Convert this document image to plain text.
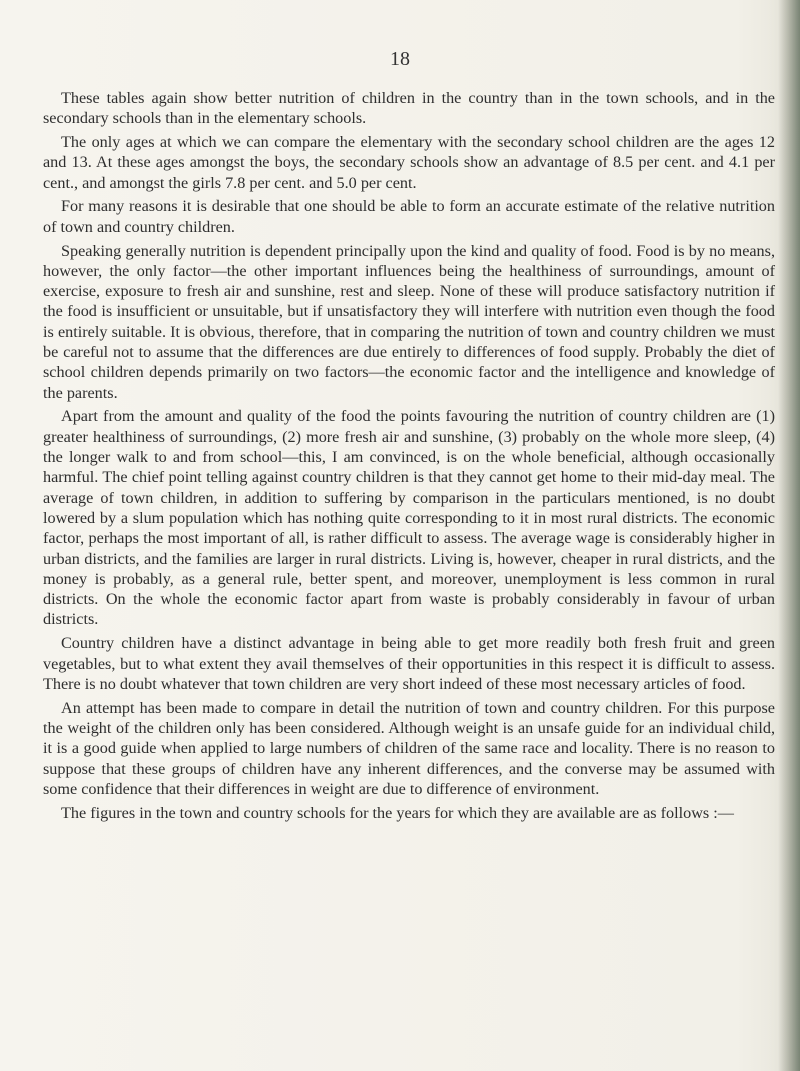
18

These tables again show better nutrition of children in the country than in the town schools, and in the secondary schools than in the elementary schools.

The only ages at which we can compare the elementary with the secondary school children are the ages 12 and 13. At these ages amongst the boys, the secondary schools show an advantage of 8.5 per cent. and 4.1 per cent., and amongst the girls 7.8 per cent. and 5.0 per cent.

For many reasons it is desirable that one should be able to form an accurate estimate of the relative nutrition of town and country children.

Speaking generally nutrition is dependent principally upon the kind and quality of food. Food is by no means, however, the only factor—the other important influences being the healthiness of surroundings, amount of exercise, exposure to fresh air and sunshine, rest and sleep. None of these will produce satisfactory nutrition if the food is insufficient or unsuitable, but if unsatisfactory they will interfere with nutrition even though the food is entirely suitable. It is obvious, therefore, that in comparing the nutrition of town and country children we must be careful not to assume that the differences are due entirely to differences of food supply. Probably the diet of school children depends primarily on two factors—the economic factor and the intelligence and knowledge of the parents.

Apart from the amount and quality of the food the points favouring the nutrition of country children are (1) greater healthiness of surroundings, (2) more fresh air and sunshine, (3) probably on the whole more sleep, (4) the longer walk to and from school—this, I am convinced, is on the whole beneficial, although occasionally harmful. The chief point telling against country children is that they cannot get home to their mid-day meal. The average of town children, in addition to suffering by comparison in the particulars mentioned, is no doubt lowered by a slum population which has nothing quite corresponding to it in most rural districts. The economic factor, perhaps the most important of all, is rather difficult to assess. The average wage is considerably higher in urban districts, and the families are larger in rural districts. Living is, however, cheaper in rural districts, and the money is probably, as a general rule, better spent, and moreover, unemployment is less common in rural districts. On the whole the economic factor apart from waste is probably considerably in favour of urban districts.

Country children have a distinct advantage in being able to get more readily both fresh fruit and green vegetables, but to what extent they avail themselves of their opportunities in this respect it is difficult to assess. There is no doubt whatever that town children are very short indeed of these most necessary articles of food.

An attempt has been made to compare in detail the nutrition of town and country children. For this purpose the weight of the children only has been considered. Although weight is an unsafe guide for an individual child, it is a good guide when applied to large numbers of children of the same race and locality. There is no reason to suppose that these groups of children have any inherent differences, and the converse may be assumed with some confidence that their differences in weight are due to difference of environment.

The figures in the town and country schools for the years for which they are available are as follows :—
